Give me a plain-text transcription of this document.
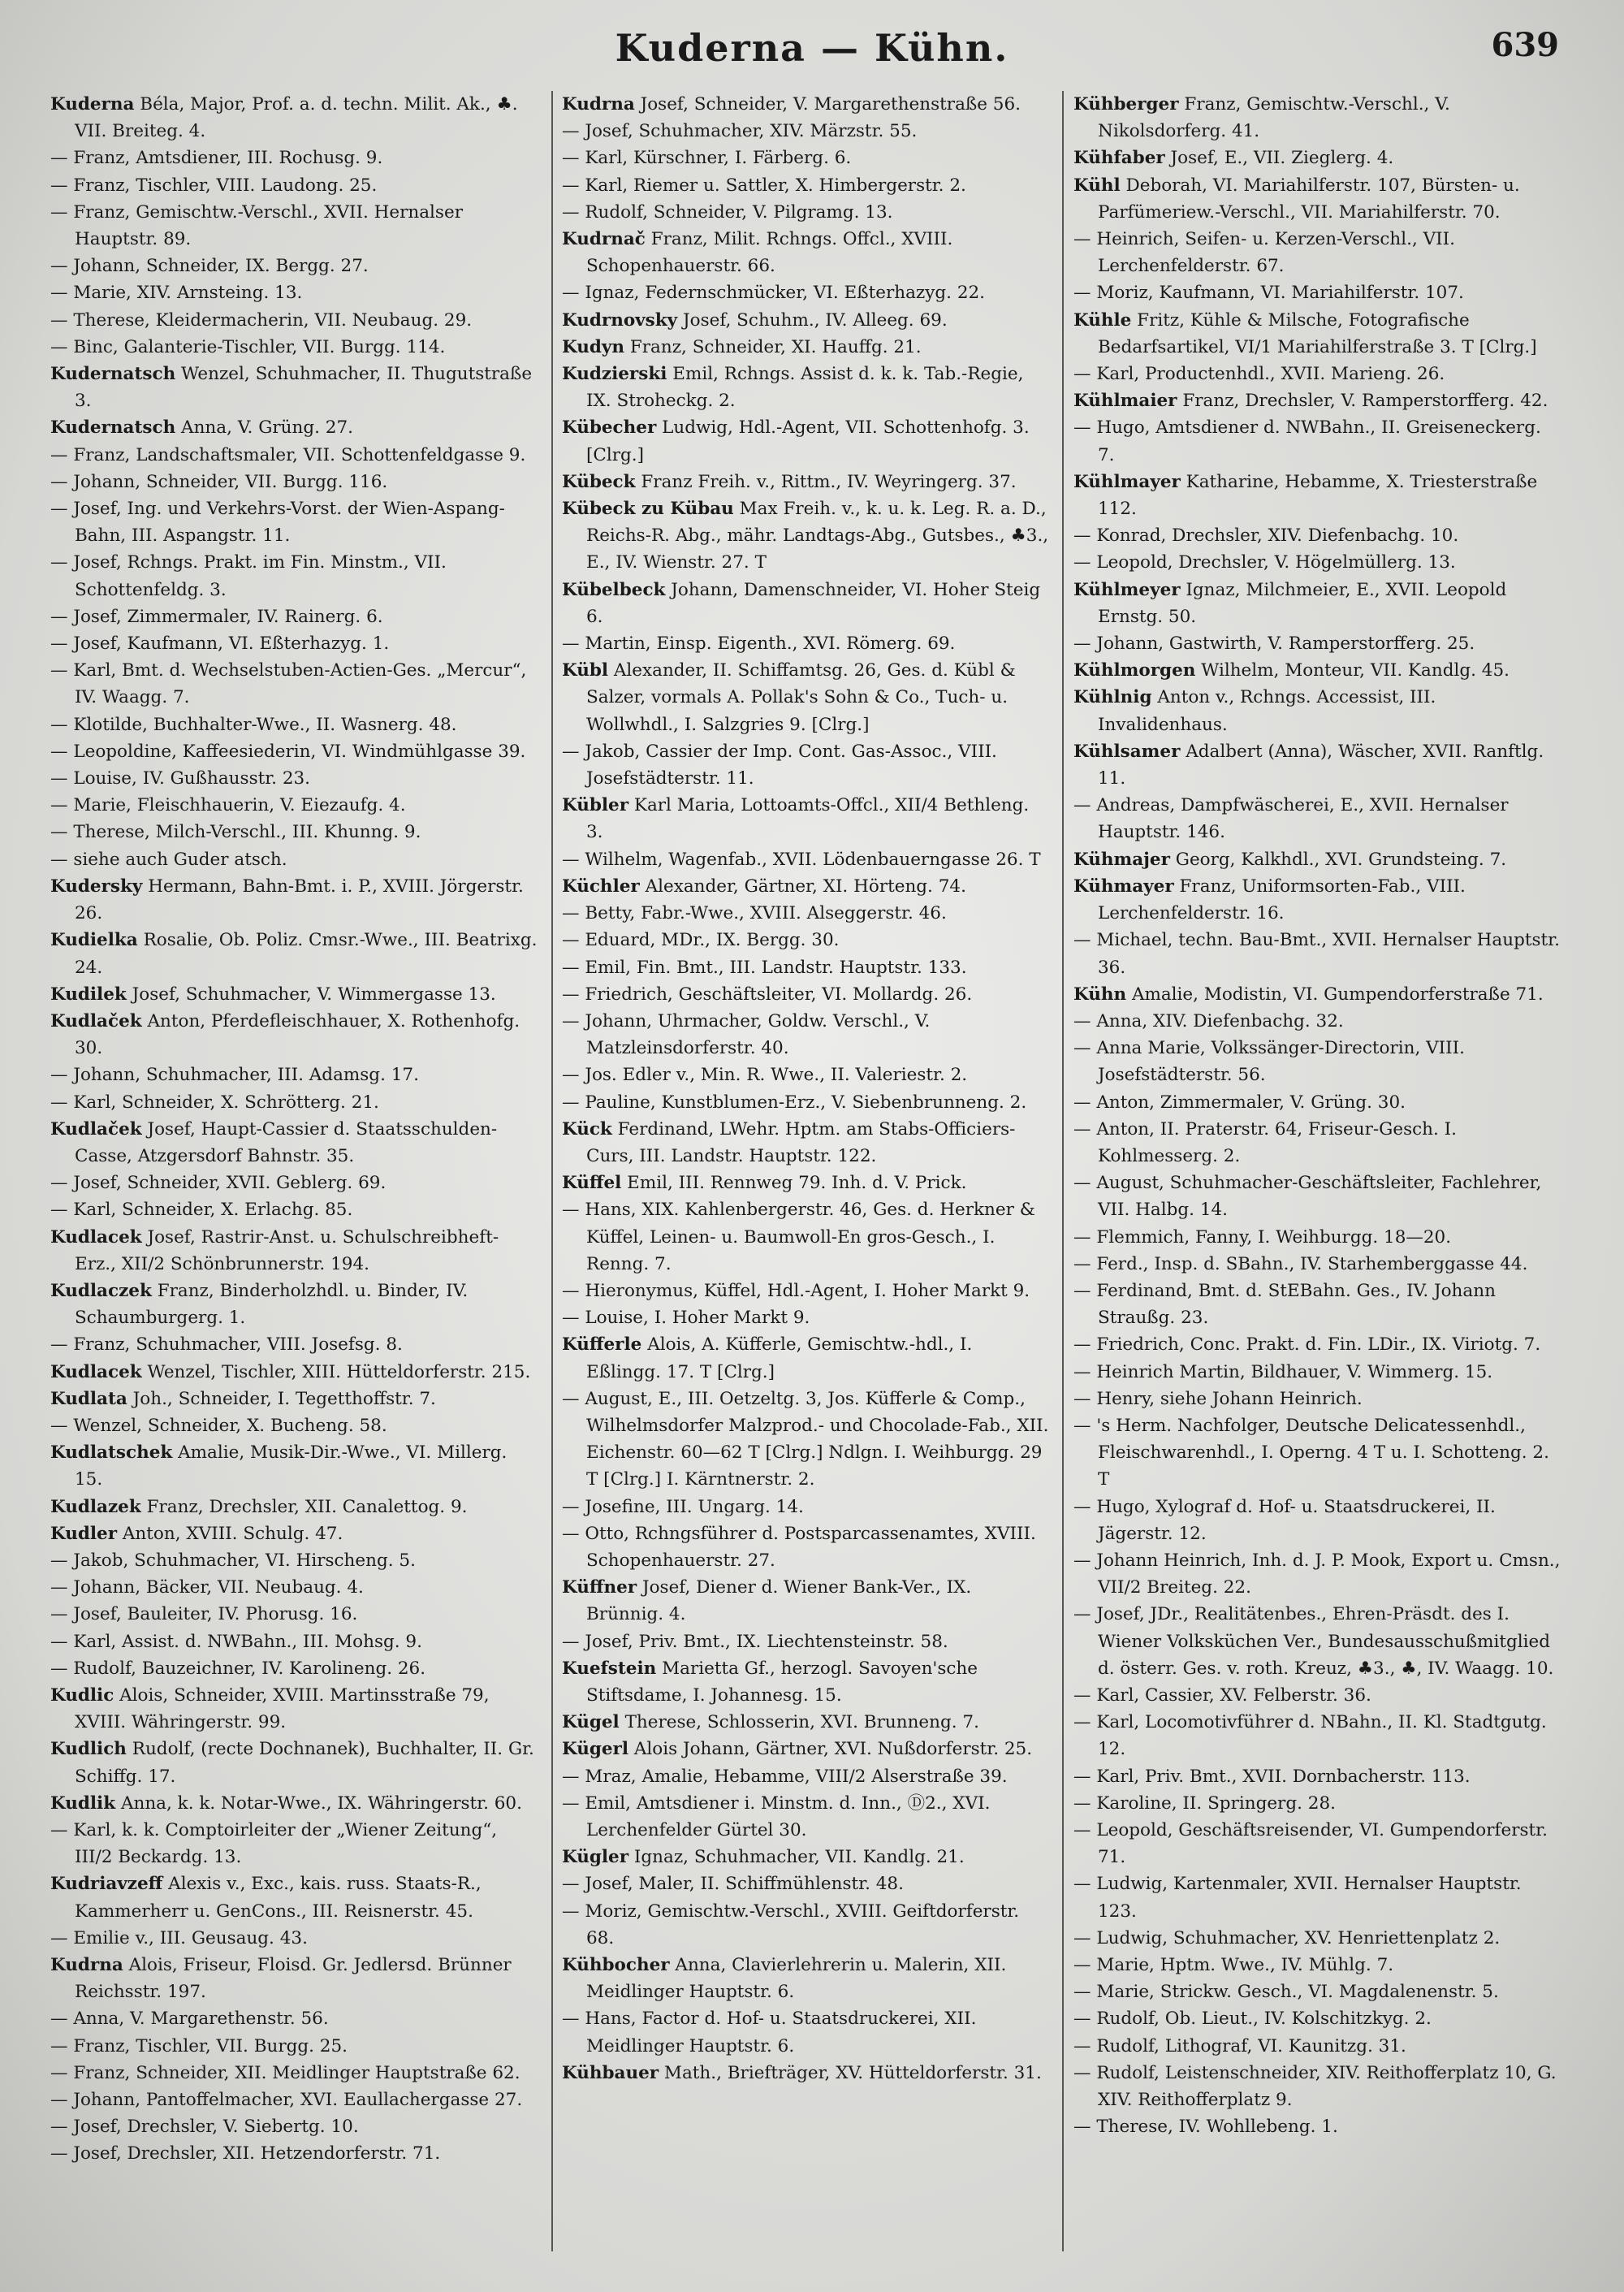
Kuderna — Kühn.	639
Kuderna Béla, Major, Prof. a. d. techn. Milit. Ak., ♣. VII. Breiteg. 4.
— Franz, Amtsdiener, III. Rochusg. 9.
— Franz, Tischler, VIII. Laudong. 25.
— Franz, Gemischtw.-Verschl., XVII. Hernalser Hauptstr. 89.
— Johann, Schneider, IX. Bergg. 27.
— Marie, XIV. Arnsteing. 13.
— Therese, Kleidermacherin, VII. Neubaug. 29.
— Binc, Galanterie-Tischler, VII. Burgg. 114.
Kudernatsch Wenzel, Schuhmacher, II. Thugutstraße 3.
Kudernatsch Anna, V. Grüng. 27.
— Franz, Landschaftsmaler, VII. Schottenfeldgasse 9.
— Johann, Schneider, VII. Burgg. 116.
— Josef, Ing. und Verkehrs-Vorst. der Wien-Aspang-Bahn, III. Aspangstr. 11.
— Josef, Rchngs. Prakt. im Fin. Minstm., VII. Schottenfeldg. 3.
— Josef, Zimmermaler, IV. Rainerg. 6.
— Josef, Kaufmann, VI. Eßterhazyg. 1.
— Karl, Bmt. d. Wechselstuben-Actien-Ges. „Mercur“, IV. Waagg. 7.
— Klotilde, Buchhalter-Wwe., II. Wasnerg. 48.
— Leopoldine, Kaffeesiederin, VI. Windmühlgasse 39.
— Louise, IV. Gußhausstr. 23.
— Marie, Fleischhauerin, V. Eiezaufg. 4.
— Therese, Milch-Verschl., III. Khunng. 9.
— siehe auch Guder atsch.
Kudersky Hermann, Bahn-Bmt. i. P., XVIII. Jörgerstr. 26.
Kudielka Rosalie, Ob. Poliz. Cmsr.-Wwe., III. Beatrixg. 24.
Kudilek Josef, Schuhmacher, V. Wimmergasse 13.
Kudlaček Anton, Pferdefleischhauer, X. Rothenhofg. 30.
— Johann, Schuhmacher, III. Adamsg. 17.
— Karl, Schneider, X. Schrötterg. 21.
Kudlaček Josef, Haupt-Cassier d. Staatsschulden-Casse, Atzgersdorf Bahnstr. 35.
— Josef, Schneider, XVII. Geblerg. 69.
— Karl, Schneider, X. Erlachg. 85.
Kudlacek Josef, Rastrir-Anst. u. Schulschreibheft-Erz., XII/2 Schönbrunnerstr. 194.
Kudlaczek Franz, Binderholzhdl. u. Binder, IV. Schaumburgerg. 1.
— Franz, Schuhmacher, VIII. Josefsg. 8.
Kudlacek Wenzel, Tischler, XIII. Hütteldorferstr. 215.
Kudlata Joh., Schneider, I. Tegetthoffstr. 7.
— Wenzel, Schneider, X. Bucheng. 58.
Kudlatschek Amalie, Musik-Dir.-Wwe., VI. Millerg. 15.
Kudlazek Franz, Drechsler, XII. Canalettog. 9.
Kudler Anton, XVIII. Schulg. 47.
— Jakob, Schuhmacher, VI. Hirscheng. 5.
— Johann, Bäcker, VII. Neubaug. 4.
— Josef, Bauleiter, IV. Phorusg. 16.
— Karl, Assist. d. NWBahn., III. Mohsg. 9.
— Rudolf, Bauzeichner, IV. Karolineng. 26.
Kudlic Alois, Schneider, XVIII. Martinsstraße 79, XVIII. Währingerstr. 99.
Kudlich Rudolf, (recte Dochnanek), Buchhalter, II. Gr. Schiffg. 17.
Kudlik Anna, k. k. Notar-Wwe., IX. Währingerstr. 60.
— Karl, k. k. Comptoirleiter der „Wiener Zeitung“, III/2 Beckardg. 13.
Kudriavzeff Alexis v., Exc., kais. russ. Staats-R., Kammerherr u. GenCons., III. Reisnerstr. 45.
— Emilie v., III. Geusaug. 43.
Kudrna Alois, Friseur, Floisd. Gr. Jedlersd. Brünner Reichsstr. 197.
— Anna, V. Margarethenstr. 56.
— Franz, Tischler, VII. Burgg. 25.
— Franz, Schneider, XII. Meidlinger Hauptstraße 62.
— Johann, Pantoffelmacher, XVI. Eaullachergasse 27.
— Josef, Drechsler, V. Siebertg. 10.
— Josef, Drechsler, XII. Hetzendorferstr. 71.
Kudrna Josef, Schneider, V. Margarethenstraße 56.
— Josef, Schuhmacher, XIV. Märzstr. 55.
— Karl, Kürschner, I. Färberg. 6.
— Karl, Riemer u. Sattler, X. Himbergerstr. 2.
— Rudolf, Schneider, V. Pilgramg. 13.
Kudrnač Franz, Milit. Rchngs. Offcl., XVIII. Schopenhauerstr. 66.
— Ignaz, Federnschmücker, VI. Eßterhazyg. 22.
Kudrnovsky Josef, Schuhm., IV. Alleeg. 69.
Kudyn Franz, Schneider, XI. Hauffg. 21.
Kudzierski Emil, Rchngs. Assist d. k. k. Tab.-Regie, IX. Stroheckg. 2.
Kübecher Ludwig, Hdl.-Agent, VII. Schottenhofg. 3. [Clrg.]
Kübeck Franz Freih. v., Rittm., IV. Weyringerg. 37.
Kübeck zu Kübau Max Freih. v., k. u. k. Leg. R. a. D., Reichs-R. Abg., mähr. Landtags-Abg., Gutsbes., ♣3., E., IV. Wienstr. 27. T
Kübelbeck Johann, Damenschneider, VI. Hoher Steig 6.
— Martin, Einsp. Eigenth., XVI. Römerg. 69.
Kübl Alexander, II. Schiffamtsg. 26, Ges. d. Kübl & Salzer, vormals A. Pollak's Sohn & Co., Tuch- u. Wollwhdl., I. Salzgries 9. [Clrg.]
— Jakob, Cassier der Imp. Cont. Gas-Assoc., VIII. Josefstädterstr. 11.
Kübler Karl Maria, Lottoamts-Offcl., XII/4 Bethleng. 3.
— Wilhelm, Wagenfab., XVII. Lödenbauerngasse 26. T
Küchler Alexander, Gärtner, XI. Hörteng. 74.
— Betty, Fabr.-Wwe., XVIII. Alseggerstr. 46.
— Eduard, MDr., IX. Bergg. 30.
— Emil, Fin. Bmt., III. Landstr. Hauptstr. 133.
— Friedrich, Geschäftsleiter, VI. Mollardg. 26.
— Johann, Uhrmacher, Goldw. Verschl., V. Matzleinsdorferstr. 40.
— Jos. Edler v., Min. R. Wwe., II. Valeriestr. 2.
— Pauline, Kunstblumen-Erz., V. Siebenbrunneng. 2.
Kück Ferdinand, LWehr. Hptm. am Stabs-Officiers-Curs, III. Landstr. Hauptstr. 122.
Küffel Emil, III. Rennweg 79. Inh. d. V. Prick.
— Hans, XIX. Kahlenbergerstr. 46, Ges. d. Herkner & Küffel, Leinen- u. Baumwoll-En gros-Gesch., I. Renng. 7.
— Hieronymus, Küffel, Hdl.-Agent, I. Hoher Markt 9.
— Louise, I. Hoher Markt 9.
Küfferle Alois, A. Küfferle, Gemischtw.-hdl., I. Eßlingg. 17. T [Clrg.]
— August, E., III. Oetzeltg. 3, Jos. Küfferle & Comp., Wilhelmsdorfer Malzprod.- und Chocolade-Fab., XII. Eichenstr. 60—62 T [Clrg.] Ndlgn. I. Weihburgg. 29 T [Clrg.] I. Kärntnerstr. 2.
— Josefine, III. Ungarg. 14.
— Otto, Rchngsführer d. Postsparcassenamtes, XVIII. Schopenhauerstr. 27.
Küffner Josef, Diener d. Wiener Bank-Ver., IX. Brünnig. 4.
— Josef, Priv. Bmt., IX. Liechtensteinstr. 58.
Kuefstein Marietta Gf., herzogl. Savoyen'sche Stiftsdame, I. Johannesg. 15.
Kügel Therese, Schlosserin, XVI. Brunneng. 7.
Kügerl Alois Johann, Gärtner, XVI. Nußdorferstr. 25.
— Mraz, Amalie, Hebamme, VIII/2 Alserstraße 39.
— Emil, Amtsdiener i. Minstm. d. Inn., Ⓓ2., XVI. Lerchenfelder Gürtel 30.
Kügler Ignaz, Schuhmacher, VII. Kandlg. 21.
— Josef, Maler, II. Schiffmühlenstr. 48.
— Moriz, Gemischtw.-Verschl., XVIII. Geiftdorferstr. 68.
Kühbocher Anna, Clavierlehrerin u. Malerin, XII. Meidlinger Hauptstr. 6.
— Hans, Factor d. Hof- u. Staatsdruckerei, XII. Meidlinger Hauptstr. 6.
Kühbauer Math., Briefträger, XV. Hütteldorferstr. 31.
Kühberger Franz, Gemischtw.-Verschl., V. Nikolsdorferg. 41.
Kühfaber Josef, E., VII. Zieglerg. 4.
Kühl Deborah, VI. Mariahilferstr. 107, Bürsten- u. Parfümeriew.-Verschl., VII. Mariahilferstr. 70.
— Heinrich, Seifen- u. Kerzen-Verschl., VII. Lerchenfelderstr. 67.
— Moriz, Kaufmann, VI. Mariahilferstr. 107.
Kühle Fritz, Kühle & Milsche, Fotografische Bedarfsartikel, VI/1 Mariahilferstraße 3. T [Clrg.]
— Karl, Productenhdl., XVII. Marieng. 26.
Kühlmaier Franz, Drechsler, V. Ramperstorfferg. 42.
— Hugo, Amtsdiener d. NWBahn., II. Greiseneckerg. 7.
Kühlmayer Katharine, Hebamme, X. Triesterstraße 112.
— Konrad, Drechsler, XIV. Diefenbachg. 10.
— Leopold, Drechsler, V. Högelmüllerg. 13.
Kühlmeyer Ignaz, Milchmeier, E., XVII. Leopold Ernstg. 50.
— Johann, Gastwirth, V. Ramperstorfferg. 25.
Kühlmorgen Wilhelm, Monteur, VII. Kandlg. 45.
Kühlnig Anton v., Rchngs. Accessist, III. Invalidenhaus.
Kühlsamer Adalbert (Anna), Wäscher, XVII. Ranftlg. 11.
— Andreas, Dampfwäscherei, E., XVII. Hernalser Hauptstr. 146.
Kühmajer Georg, Kalkhdl., XVI. Grundsteing. 7.
Kühmayer Franz, Uniformsorten-Fab., VIII. Lerchenfelderstr. 16.
— Michael, techn. Bau-Bmt., XVII. Hernalser Hauptstr. 36.
Kühn Amalie, Modistin, VI. Gumpendorferstraße 71.
— Anna, XIV. Diefenbachg. 32.
— Anna Marie, Volkssänger-Directorin, VIII. Josefstädterstr. 56.
— Anton, Zimmermaler, V. Grüng. 30.
— Anton, II. Praterstr. 64, Friseur-Gesch. I. Kohlmesserg. 2.
— August, Schuhmacher-Geschäftsleiter, Fachlehrer, VII. Halbg. 14.
— Flemmich, Fanny, I. Weihburgg. 18—20.
— Ferd., Insp. d. SBahn., IV. Starhemberggasse 44.
— Ferdinand, Bmt. d. StEBahn. Ges., IV. Johann Straußg. 23.
— Friedrich, Conc. Prakt. d. Fin. LDir., IX. Viriotg. 7.
— Heinrich Martin, Bildhauer, V. Wimmerg. 15.
— Henry, siehe Johann Heinrich.
— 's Herm. Nachfolger, Deutsche Delicatessenhdl., Fleischwarenhdl., I. Operng. 4 T u. I. Schotteng. 2. T
— Hugo, Xylograf d. Hof- u. Staatsdruckerei, II. Jägerstr. 12.
— Johann Heinrich, Inh. d. J. P. Mook, Export u. Cmsn., VII/2 Breiteg. 22.
— Josef, JDr., Realitätenbes., Ehren-Präsdt. des I. Wiener Volksküchen Ver., Bundesausschußmitglied d. österr. Ges. v. roth. Kreuz, ♣3., ♣, IV. Waagg. 10.
— Karl, Cassier, XV. Felberstr. 36.
— Karl, Locomotivführer d. NBahn., II. Kl. Stadtgutg. 12.
— Karl, Priv. Bmt., XVII. Dornbacherstr. 113.
— Karoline, II. Springerg. 28.
— Leopold, Geschäftsreisender, VI. Gumpendorferstr. 71.
— Ludwig, Kartenmaler, XVII. Hernalser Hauptstr. 123.
— Ludwig, Schuhmacher, XV. Henriettenplatz 2.
— Marie, Hptm. Wwe., IV. Mühlg. 7.
— Marie, Strickw. Gesch., VI. Magdalenenstr. 5.
— Rudolf, Ob. Lieut., IV. Kolschitzkyg. 2.
— Rudolf, Lithograf, VI. Kaunitzg. 31.
— Rudolf, Leistenschneider, XIV. Reithofferplatz 10, G. XIV. Reithofferplatz 9.
— Therese, IV. Wohllebeng. 1.
